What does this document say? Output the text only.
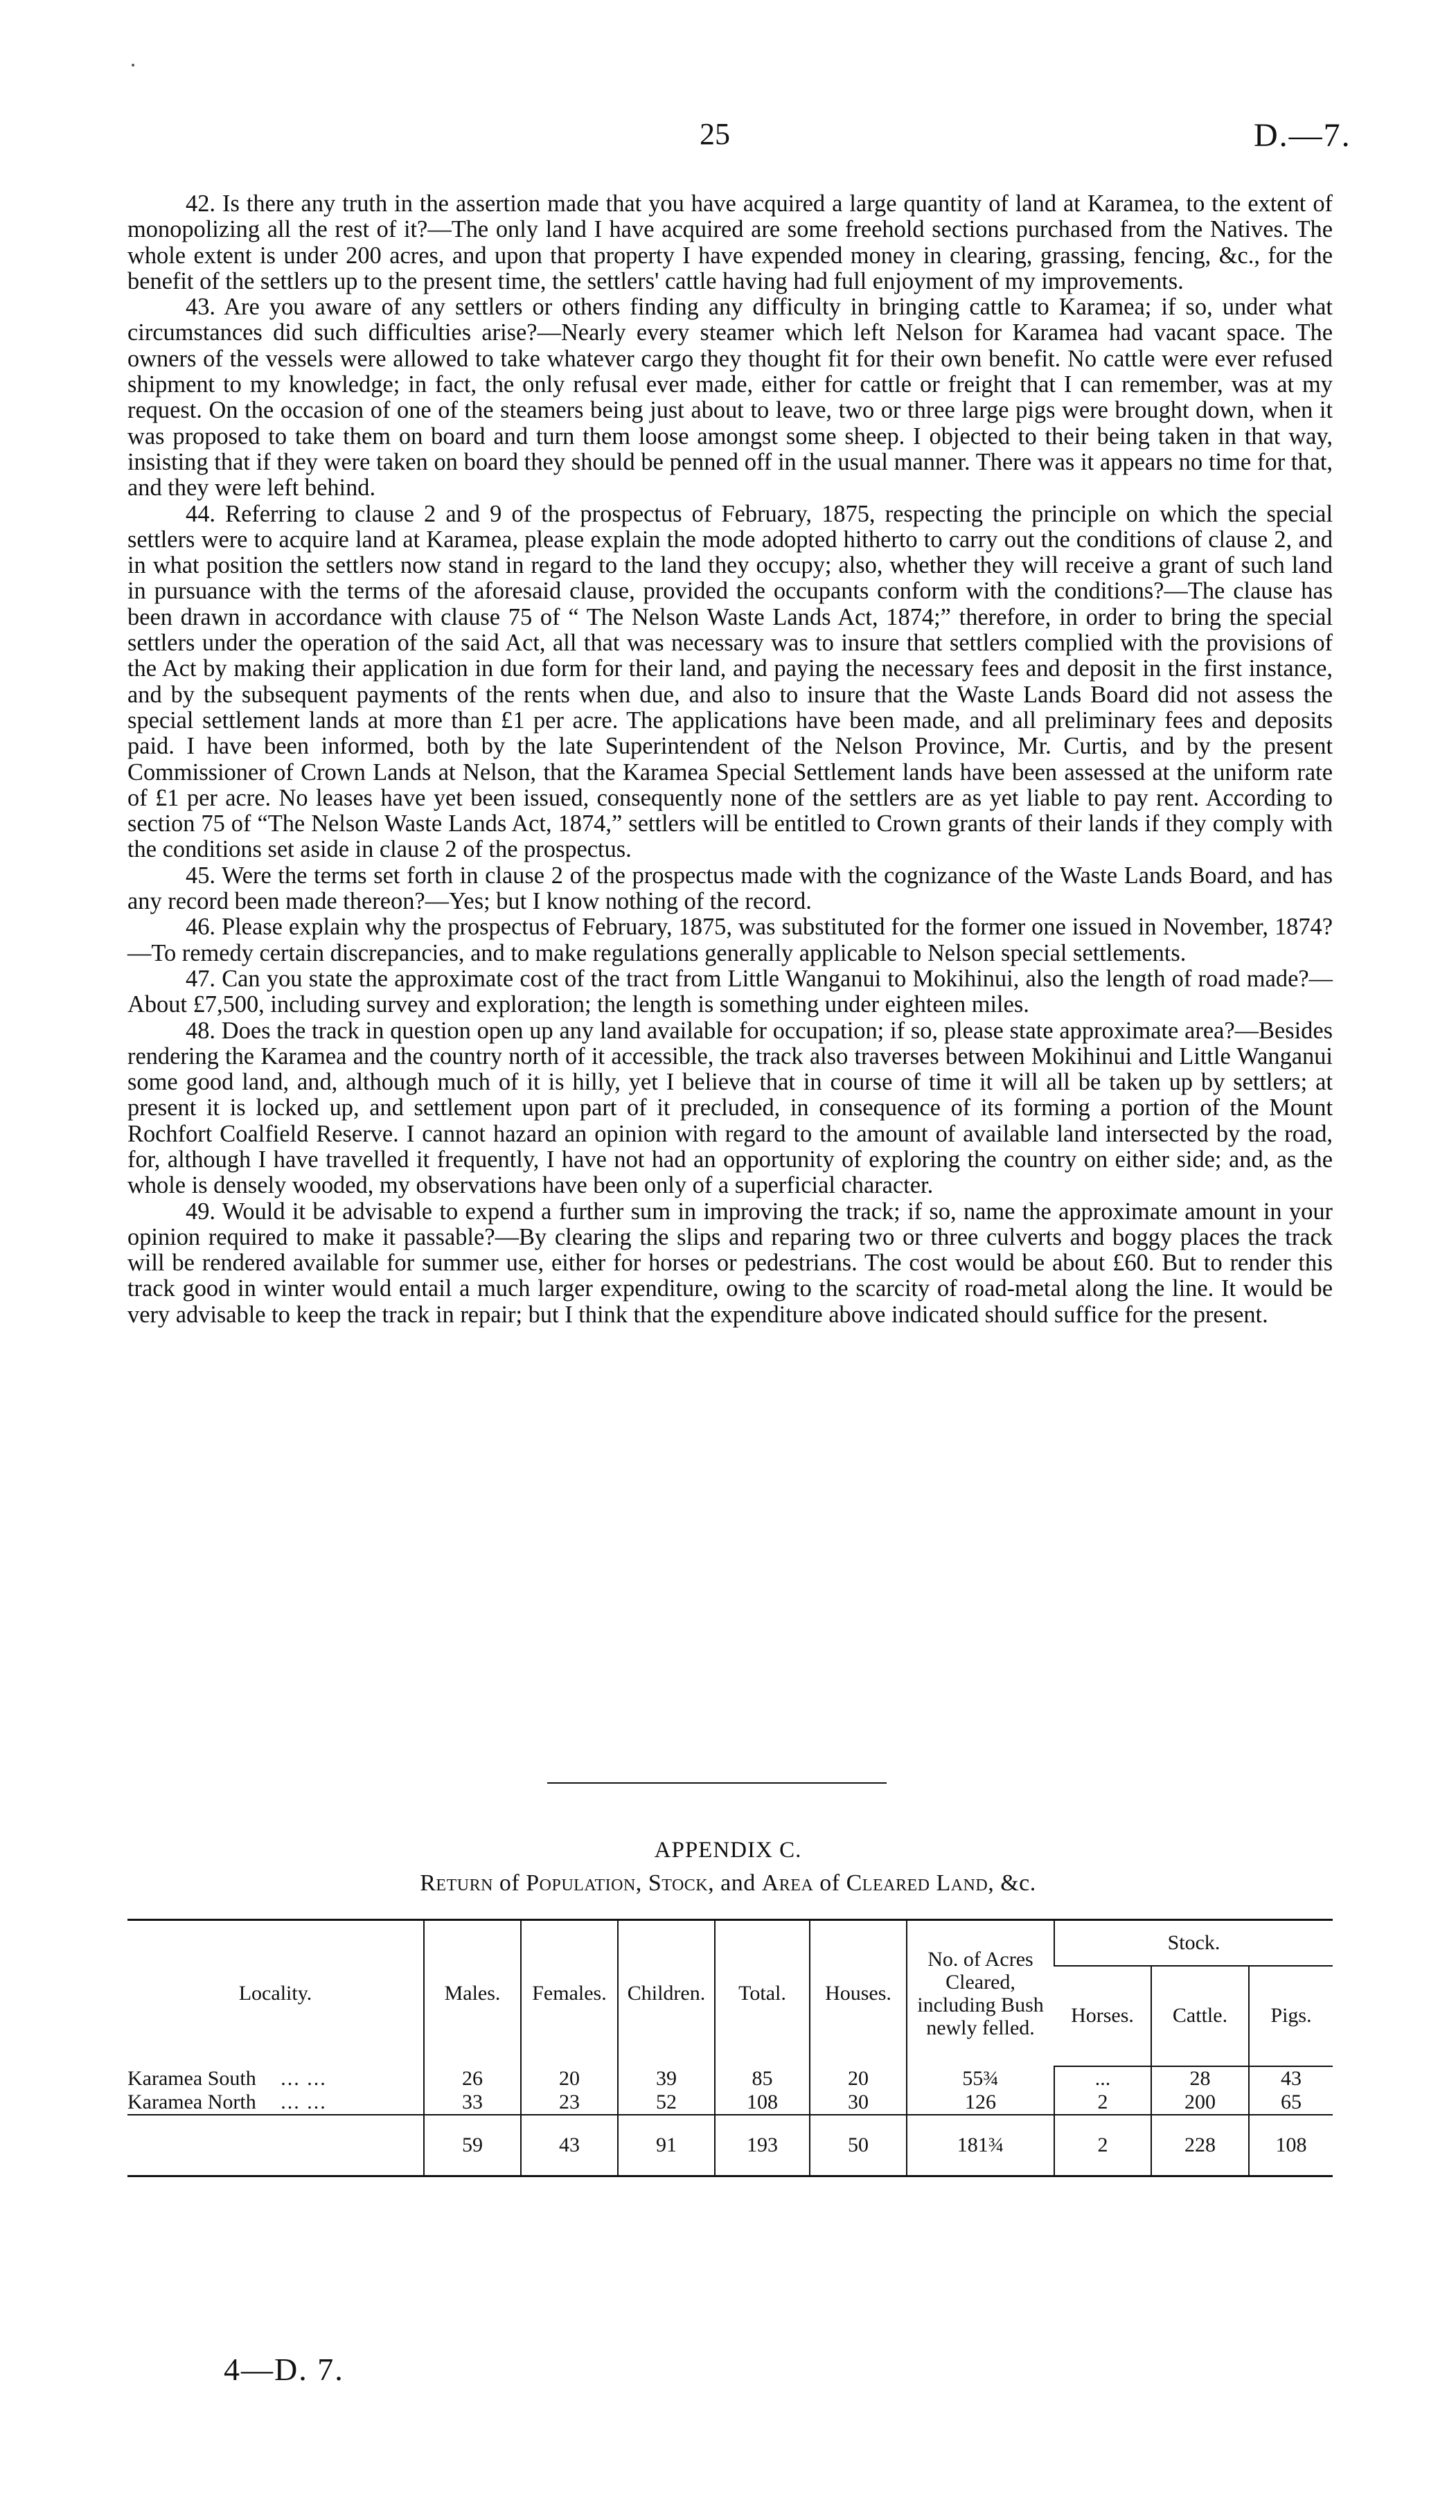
25	D.—7.

42. Is there any truth in the assertion made that you have acquired a large quantity of land at Karamea, to the extent of monopolizing all the rest of it?—The only land I have acquired are some freehold sections purchased from the Natives. The whole extent is under 200 acres, and upon that property I have expended money in clearing, grassing, fencing, &c., for the benefit of the settlers up to the present time, the settlers' cattle having had full enjoyment of my improvements.

43. Are you aware of any settlers or others finding any difficulty in bringing cattle to Karamea; if so, under what circumstances did such difficulties arise?—Nearly every steamer which left Nelson for Karamea had vacant space. The owners of the vessels were allowed to take whatever cargo they thought fit for their own benefit. No cattle were ever refused shipment to my knowledge; in fact, the only refusal ever made, either for cattle or freight that I can remember, was at my request. On the occasion of one of the steamers being just about to leave, two or three large pigs were brought down, when it was proposed to take them on board and turn them loose amongst some sheep. I objected to their being taken in that way, insisting that if they were taken on board they should be penned off in the usual manner. There was it appears no time for that, and they were left behind.

44. Referring to clause 2 and 9 of the prospectus of February, 1875, respecting the principle on which the special settlers were to acquire land at Karamea, please explain the mode adopted hitherto to carry out the conditions of clause 2, and in what position the settlers now stand in regard to the land they occupy; also, whether they will receive a grant of such land in pursuance with the terms of the aforesaid clause, provided the occupants conform with the conditions?—The clause has been drawn in accordance with clause 75 of “ The Nelson Waste Lands Act, 1874;” therefore, in order to bring the special settlers under the operation of the said Act, all that was necessary was to insure that settlers complied with the provisions of the Act by making their application in due form for their land, and paying the necessary fees and deposit in the first instance, and by the subsequent payments of the rents when due, and also to insure that the Waste Lands Board did not assess the special settlement lands at more than £1 per acre. The applications have been made, and all preliminary fees and deposits paid. I have been informed, both by the late Superintendent of the Nelson Province, Mr. Curtis, and by the present Commissioner of Crown Lands at Nelson, that the Karamea Special Settlement lands have been assessed at the uniform rate of £1 per acre. No leases have yet been issued, consequently none of the settlers are as yet liable to pay rent. According to section 75 of “The Nelson Waste Lands Act, 1874,” settlers will be entitled to Crown grants of their lands if they comply with the conditions set aside in clause 2 of the prospectus.

45. Were the terms set forth in clause 2 of the prospectus made with the cognizance of the Waste Lands Board, and has any record been made thereon?—Yes; but I know nothing of the record.

46. Please explain why the prospectus of February, 1875, was substituted for the former one issued in November, 1874?—To remedy certain discrepancies, and to make regulations generally applicable to Nelson special settlements.

47. Can you state the approximate cost of the tract from Little Wanganui to Mokihinui, also the length of road made?—About £7,500, including survey and exploration; the length is something under eighteen miles.

48. Does the track in question open up any land available for occupation; if so, please state approximate area?—Besides rendering the Karamea and the country north of it accessible, the track also traverses between Mokihinui and Little Wanganui some good land, and, although much of it is hilly, yet I believe that in course of time it will all be taken up by settlers; at present it is locked up, and settlement upon part of it precluded, in consequence of its forming a portion of the Mount Rochfort Coalfield Reserve. I cannot hazard an opinion with regard to the amount of available land intersected by the road, for, although I have travelled it frequently, I have not had an opportunity of exploring the country on either side; and, as the whole is densely wooded, my observations have been only of a superficial character.

49. Would it be advisable to expend a further sum in improving the track; if so, name the approximate amount in your opinion required to make it passable?—By clearing the slips and reparing two or three culverts and boggy places the track will be rendered available for summer use, either for horses or pedestrians. The cost would be about £60. But to render this track good in winter would entail a much larger expenditure, owing to the scarcity of road-metal along the line. It would be very advisable to keep the track in repair; but I think that the expenditure above indicated should suffice for the present.

APPENDIX C.
Return of Population, Stock, and Area of Cleared Land, &c.
Locality.	Males.	Females.	Children.	Total.	Houses.	No. of Acres Cleared, including Bush newly felled.	Stock.		
							Horses.	Cattle.	Pigs.
Karamea South ... ...	26	20	39	85	20	55¾	...	28	43
Karamea North ... ...	33	23	52	108	30	126	2	200	65
	59	43	91	193	50	181¾	2	228	108
4—D. 7.
